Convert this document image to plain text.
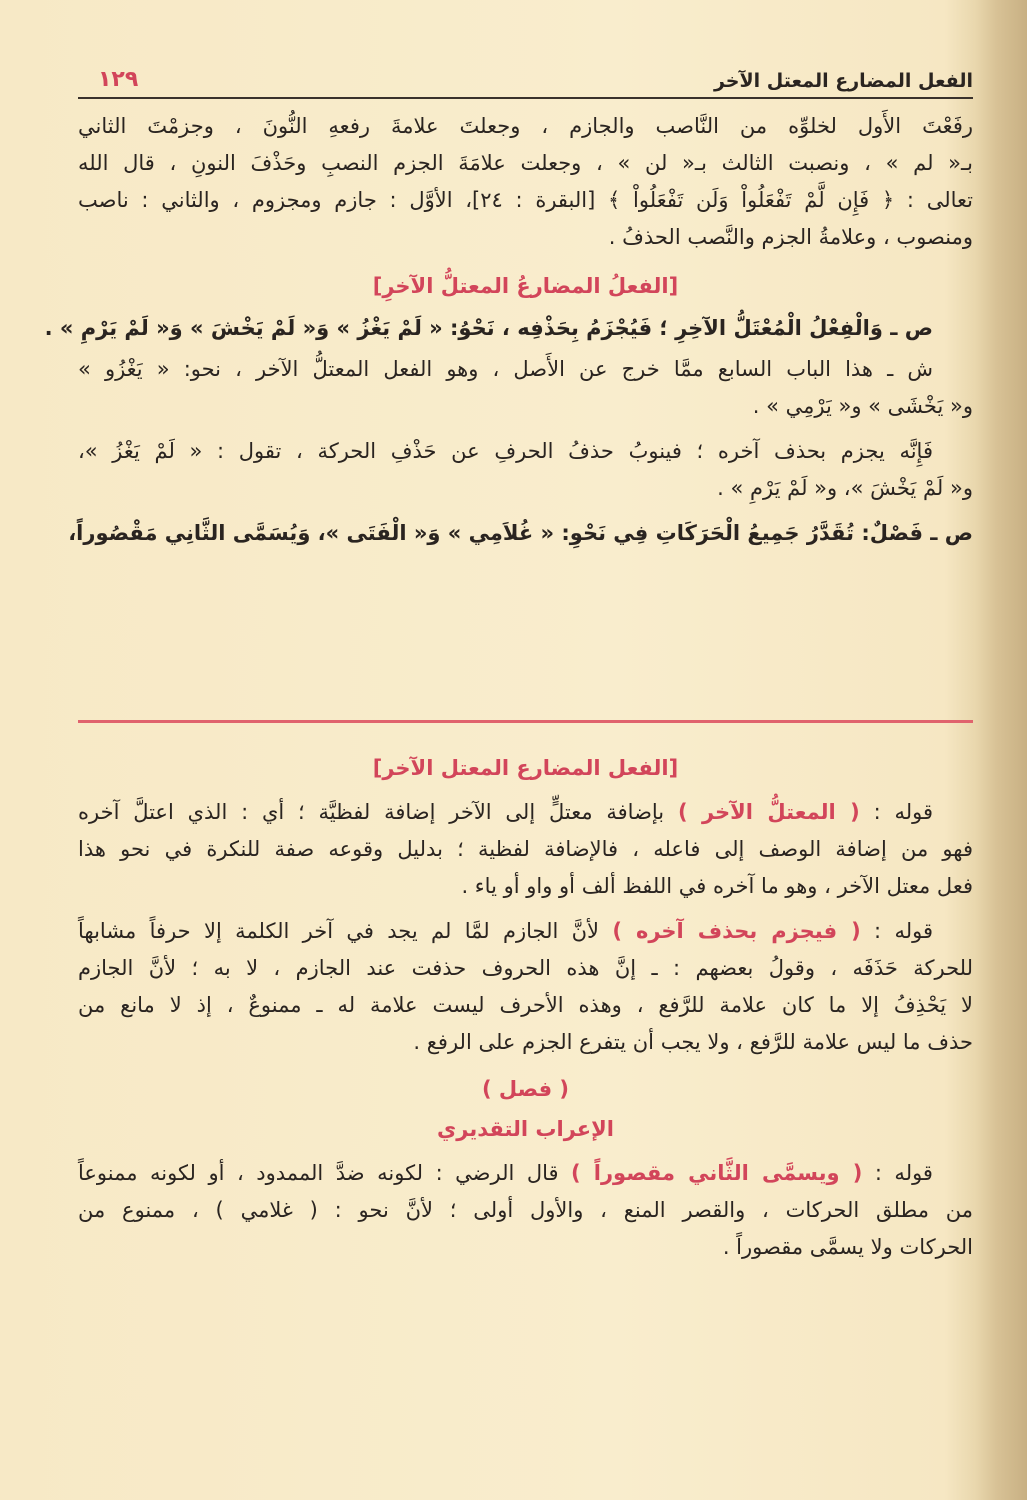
الفعل المضارع المعتل الآخر
١٢٩
رفَعْتَ الأَول لخلوِّه من النَّاصب والجازم ، وجعلتَ علامةَ رفعهِ النُّونَ ، وجزمْتَ الثاني
بـ« لم » ، ونصبت الثالث بـ« لن » ، وجعلت علامَةَ الجزم النصبِ وحَذْفَ النونِ ، قال الله
تعالى : ﴿ فَإِن لَّمْ تَفْعَلُواْ وَلَن تَفْعَلُواْ ﴾ [البقرة : ٢٤]، الأوَّل : جازم ومجزوم ، والثاني : ناصب
ومنصوب ، وعلامةُ الجزم والنَّصب الحذفُ .
[الفعلُ المضارعُ المعتلُّ الآخرِ]
ص ـ وَالْفِعْلُ الْمُعْتَلُّ الآخِرِ ؛ فَيُجْزَمُ بِحَذْفِه ، نَحْوُ: « لَمْ يَغْزُ » وَ« لَمْ يَخْشَ » وَ« لَمْ يَرْمِ » .
ش ـ هذا الباب السابع ممَّا خرج عن الأَصل ، وهو الفعل المعتلُّ الآخر ، نحو: « يَغْزُو »
و« يَخْشَى » و« يَرْمِي » .
فَإِنَّه يجزم بحذف آخره ؛ فينوبُ حذفُ الحرفِ عن حَذْفِ الحركة ، تقول : « لَمْ يَغْزُ »،
و« لَمْ يَخْشَ »، و« لَمْ يَرْمِ » .
ص ـ فَصْلٌ: تُقَدَّرُ جَمِيعُ الْحَرَكَاتِ فِي نَحْوِ: « غُلاَمِي » وَ« الْفَتَى »، وَيُسَمَّى الثَّانِي مَقْصُوراً،
[الفعل المضارع المعتل الآخر]
قوله : ( المعتلُّ الآخر ) بإضافة معتلٍّ إلى الآخر إضافة لفظيَّة ؛ أي : الذي اعتلَّ آخره
فهو من إضافة الوصف إلى فاعله ، فالإضافة لفظية ؛ بدليل وقوعه صفة للنكرة في نحو هذا
فعل معتل الآخر ، وهو ما آخره في اللفظ ألف أو واو أو ياء .
قوله : ( فيجزم بحذف آخره ) لأنَّ الجازم لمَّا لم يجد في آخر الكلمة إلا حرفاً مشابهاً
للحركة حَذَفَه ، وقولُ بعضهم : ـ إنَّ هذه الحروف حذفت عند الجازم ، لا به ؛ لأنَّ الجازم
لا يَحْذِفُ إلا ما كان علامة للرَّفع ، وهذه الأحرف ليست علامة له ـ ممنوعٌ ، إذ لا مانع من
حذف ما ليس علامة للرَّفع ، ولا يجب أن يتفرع الجزم على الرفع .
( فصل )
الإعراب التقديري
قوله : ( ويسمَّى الثَّاني مقصوراً ) قال الرضي : لكونه ضدَّ الممدود ، أو لكونه ممنوعاً
من مطلق الحركات ، والقصر المنع ، والأول أولى ؛ لأنَّ نحو : ( غلامي ) ، ممنوع من
الحركات ولا يسمَّى مقصوراً .
